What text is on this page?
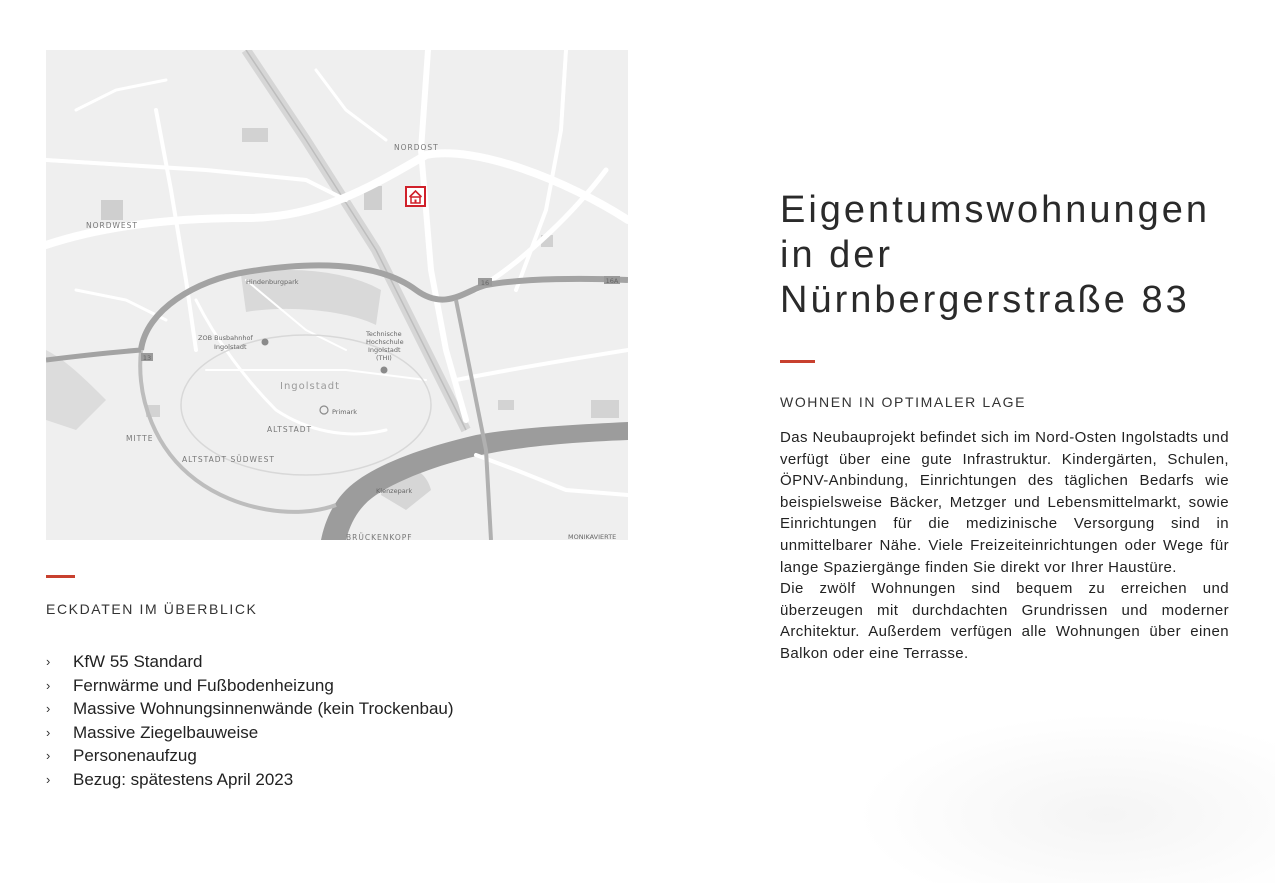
13
16	16A
NORDOST
NORDWEST
Hindenburgpark
ZOB Busbahnhof
Ingolstadt
Technische
Hochschule
Ingolstadt
(THI)
Ingolstadt
Primark
ALTSTADT
MITTE
ALTSTADT SÜDWEST
Klenzepark
BRÜCKENKOPF	MONIKAVIERTE
ECKDATEN IM ÜBERBLICK
›	KfW 55 Standard
›	Fernwärme und Fußbodenheizung
›	Massive Wohnungsinnenwände (kein Trockenbau)
›	Massive Ziegelbauweise
›	Personenaufzug
›	Bezug: spätestens April 2023
Eigentumswohnungen
in der
Nürnbergerstraße 83
WOHNEN IN OPTIMALER LAGE

Das Neubauprojekt befindet sich im Nord-Osten Ingolstadts und verfügt über eine gute Infrastruktur. Kindergärten, Schulen, ÖPNV-Anbindung, Einrichtungen des täglichen Bedarfs wie beispielsweise Bäcker, Metzger und Lebensmittelmarkt, sowie Einrichtungen für die medizinische Versorgung sind in unmittelbarer Nähe. Viele Freizeiteinrichtungen oder Wege für lange Spaziergänge finden Sie direkt vor Ihrer Haustüre.

Die zwölf Wohnungen sind bequem zu erreichen und überzeugen mit durchdachten Grundrissen und moderner Architektur. Außerdem verfügen alle Wohnungen über einen Balkon oder eine Terrasse.
